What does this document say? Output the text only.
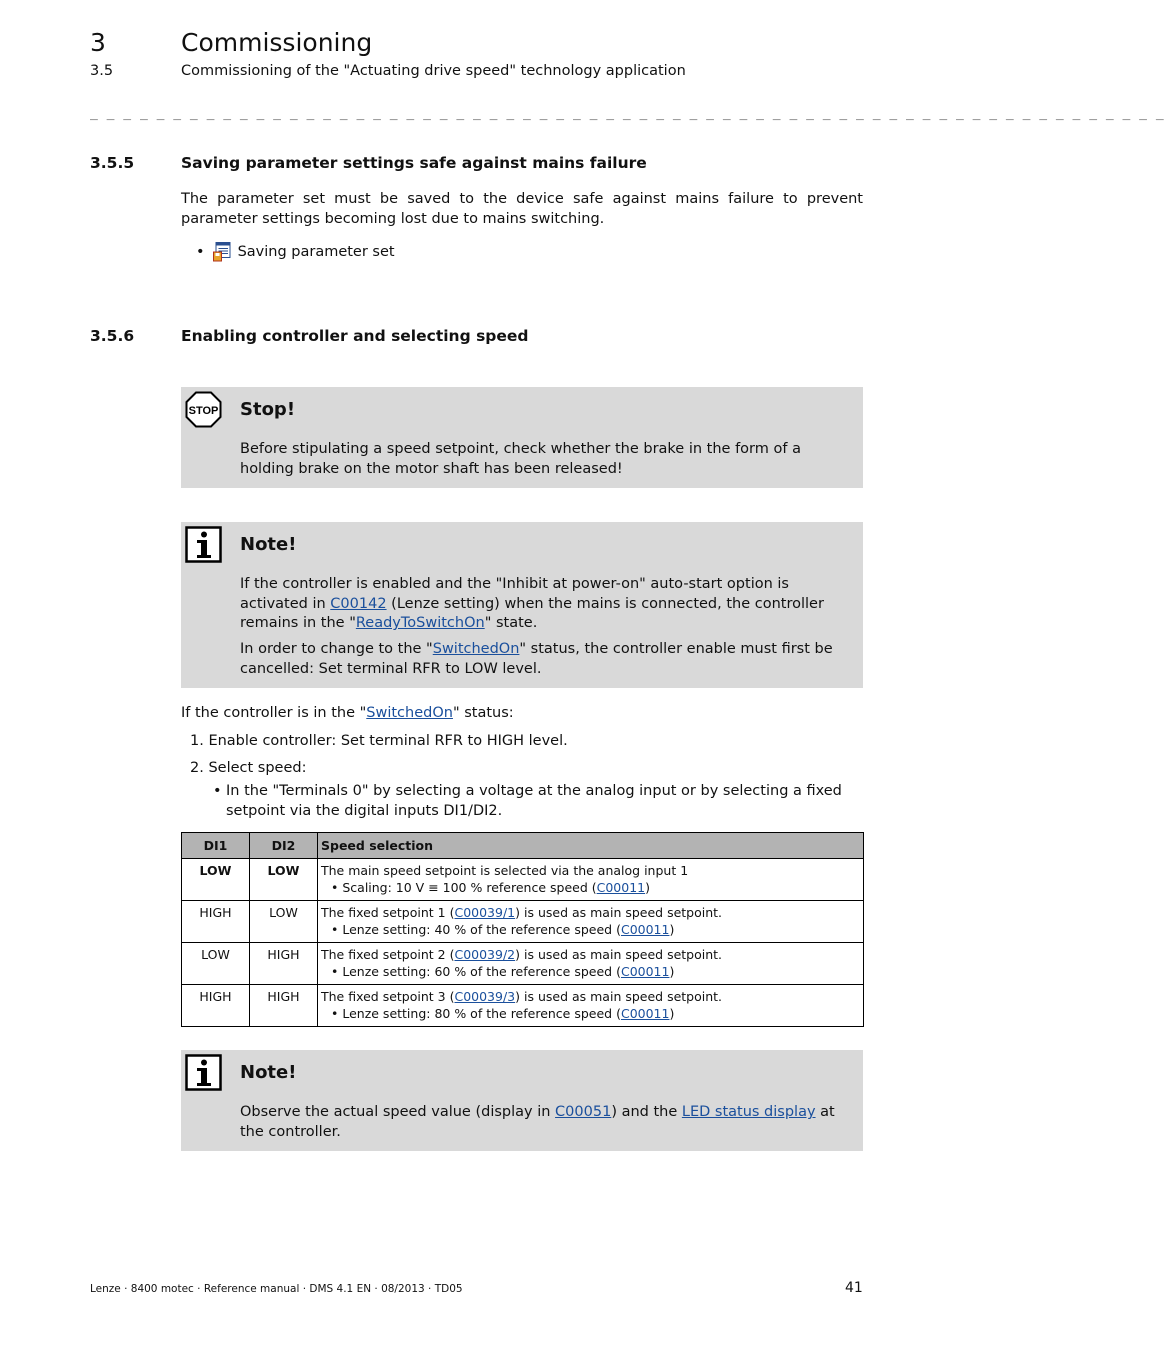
3	Commissioning
3.5	Commissioning of the "Actuating drive speed" technology application
_ _ _ _ _ _ _ _ _ _ _ _ _ _ _ _ _ _ _ _ _ _ _ _ _ _ _ _ _ _ _ _ _ _ _ _ _ _ _ _ _ _ _ _ _ _ _ _ _ _ _ _ _ _ _ _ _ _ _ _ _ _ _ _ _
3.5.5	Saving parameter settings safe against mains failure
The parameter set must be saved to the device safe against mains failure to prevent parameter settings becoming lost due to mains switching.
• Saving parameter set
3.5.6	Enabling controller and selecting speed
STOP Stop!
Before stipulating a speed setpoint, check whether the brake in the form of a holding brake on the motor shaft has been released!
Note!
If the controller is enabled and the "Inhibit at power-on" auto-start option is activated in C00142 (Lenze setting) when the mains is connected, the controller remains in the "ReadyToSwitchOn" state.
In order to change to the "SwitchedOn" status, the controller enable must first be cancelled: Set terminal RFR to LOW level.
If the controller is in the "SwitchedOn" status:
1. Enable controller: Set terminal RFR to HIGH level.
2. Select speed:
• In the "Terminals 0" by selecting a voltage at the analog input or by selecting a fixed setpoint via the digital inputs DI1/DI2.
DI1	DI2	Speed selection
LOW	LOW	The main speed setpoint is selected via the analog input 1
• Scaling: 10 V ≡ 100 % reference speed (C00011)

HIGH	LOW	The fixed setpoint 1 (C00039/1) is used as main speed setpoint.
• Lenze setting: 40 % of the reference speed (C00011)

LOW	HIGH	The fixed setpoint 2 (C00039/2) is used as main speed setpoint.
• Lenze setting: 60 % of the reference speed (C00011)

HIGH	HIGH	The fixed setpoint 3 (C00039/3) is used as main speed setpoint.
• Lenze setting: 80 % of the reference speed (C00011)
Note!
Observe the actual speed value (display in C00051) and the LED status display at the controller.
Lenze · 8400 motec · Reference manual · DMS 4.1 EN · 08/2013 · TD05	41
